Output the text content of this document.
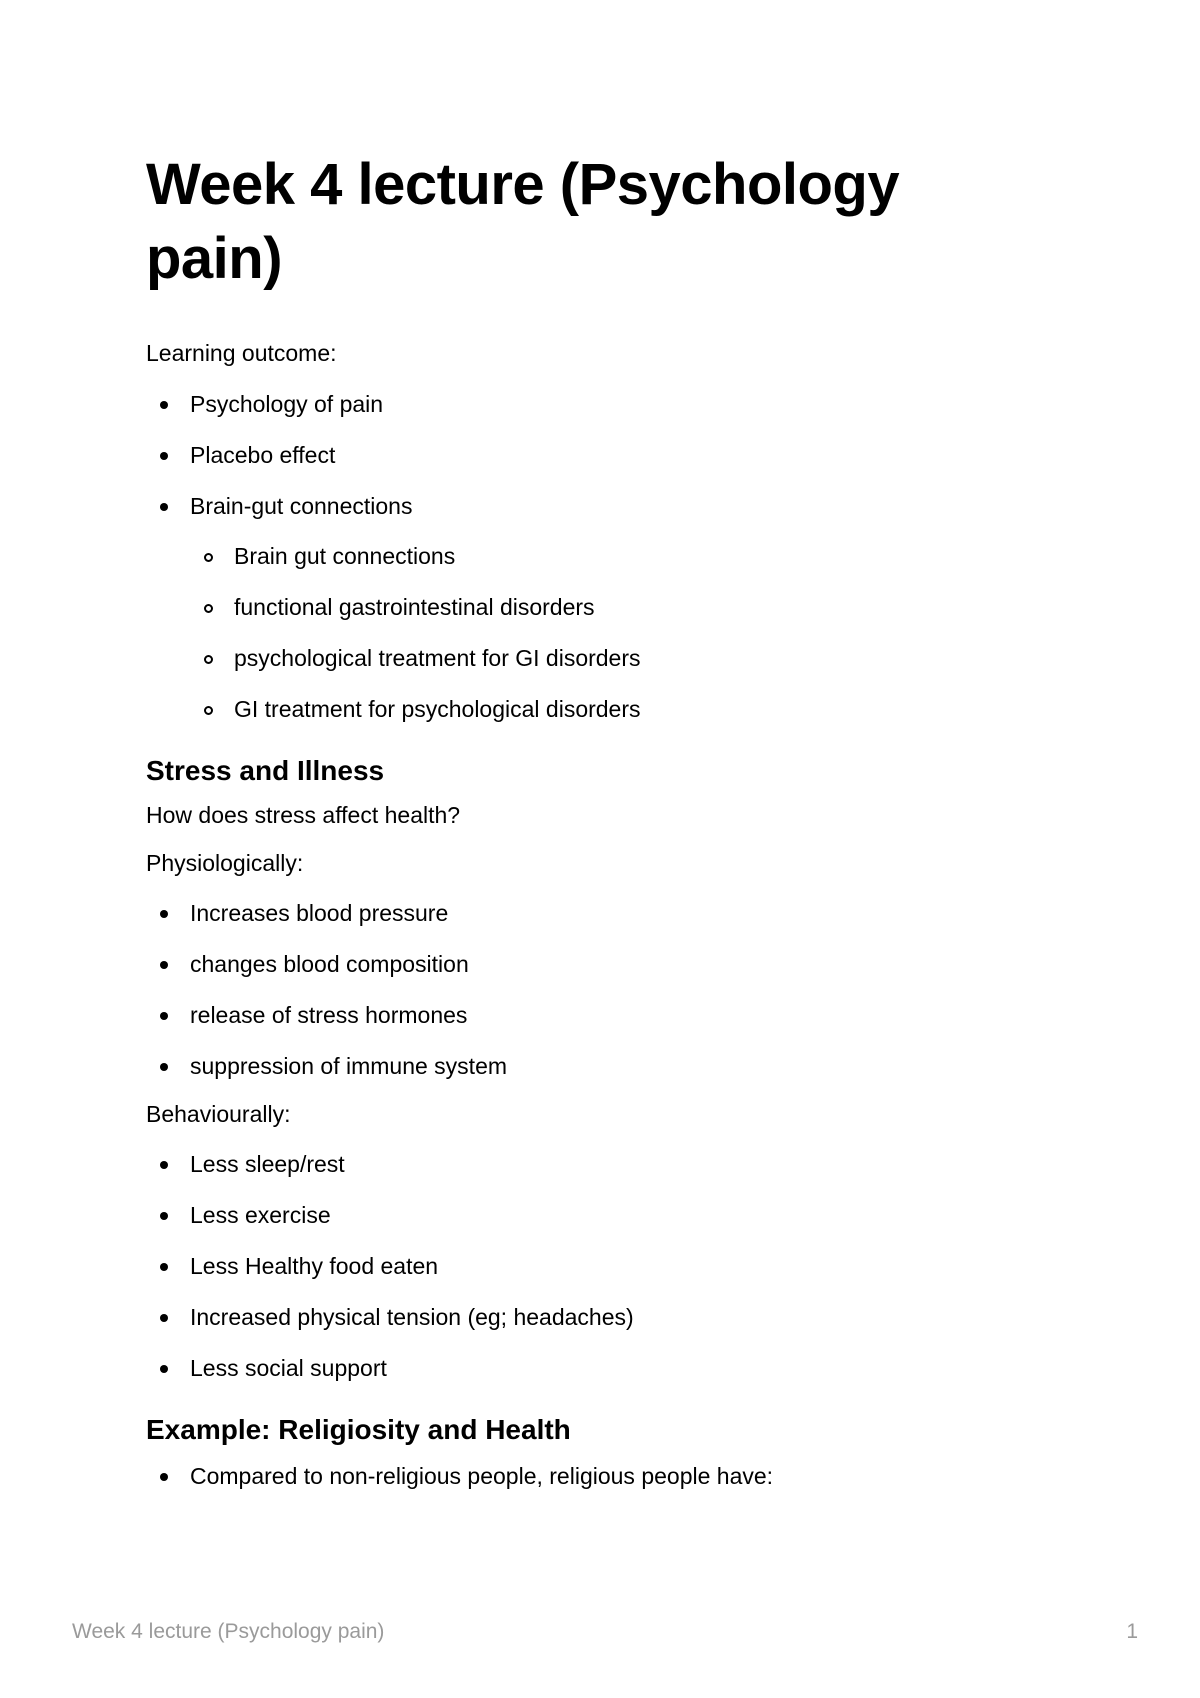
Week 4 lecture (Psychology
pain)

Learning outcome:

Psychology of pain
Placebo effect
Brain-gut connections
Brain gut connections
functional gastrointestinal disorders
psychological treatment for GI disorders
GI treatment for psychological disorders
Stress and Illness

How does stress affect health?

Physiologically:

Increases blood pressure
changes blood composition
release of stress hormones
suppression of immune system

Behaviourally:

Less sleep/rest
Less exercise
Less Healthy food eaten
Increased physical tension (eg; headaches)
Less social support
Example: Religiosity and Health
Compared to non-religious people, religious people have:
Week 4 lecture (Psychology pain)	1
